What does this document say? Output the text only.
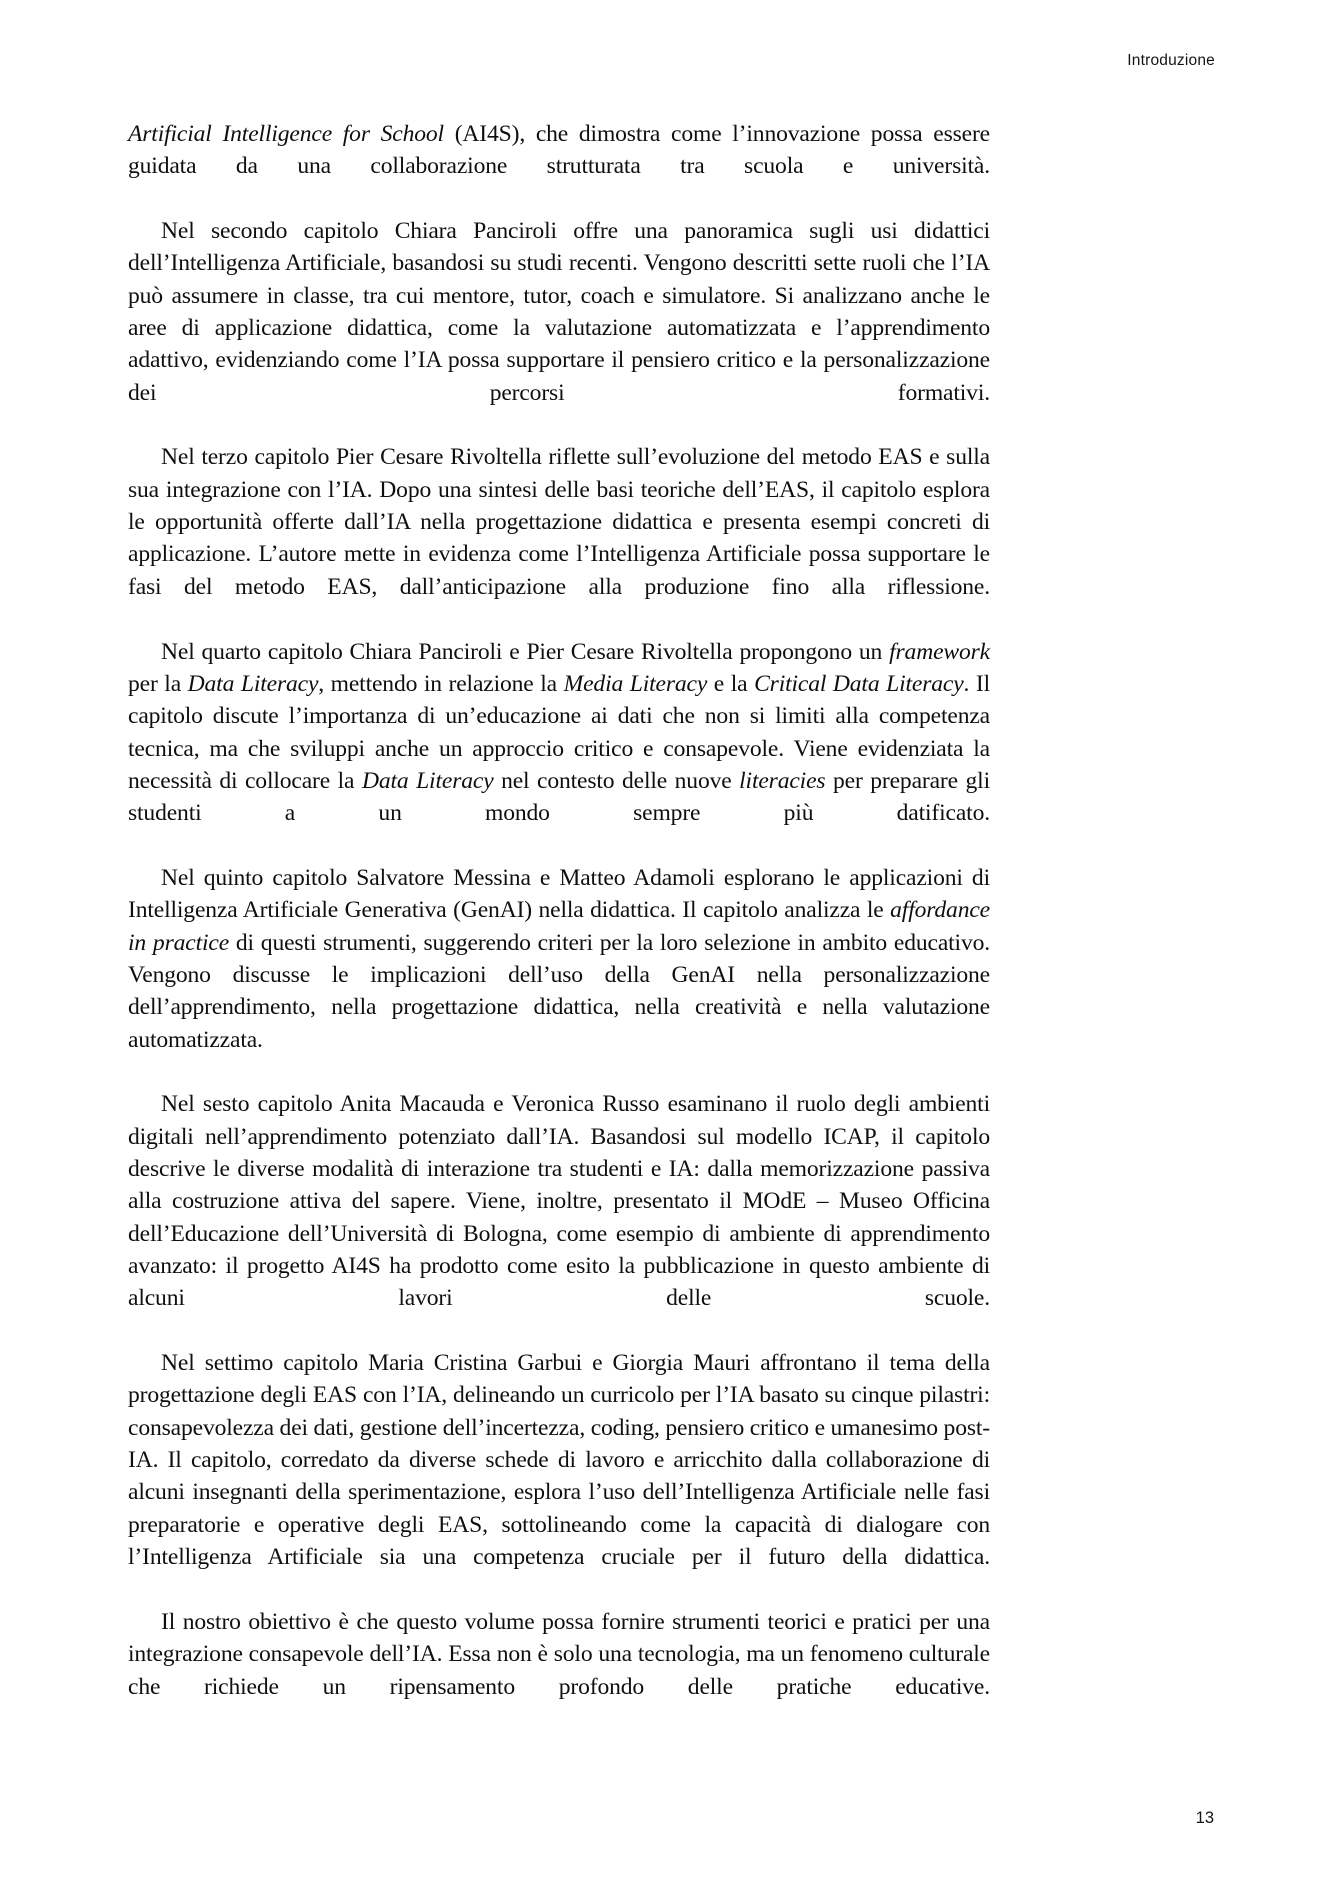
Introduzione

Artificial Intelligence for School (AI4S), che dimostra come l’innovazione possa essere guidata da una collaborazione strutturata tra scuola e università.

Nel secondo capitolo Chiara Panciroli offre una panoramica sugli usi didattici dell’Intelligenza Artificiale, basandosi su studi recenti. Vengono descritti sette ruoli che l’IA può assumere in classe, tra cui mentore, tutor, coach e simulatore. Si analizzano anche le aree di applicazione didattica, come la valutazione automatizzata e l’apprendimento adattivo, evidenziando come l’IA possa supportare il pensiero critico e la personalizzazione dei percorsi formativi.

Nel terzo capitolo Pier Cesare Rivoltella riflette sull’evoluzione del metodo EAS e sulla sua integrazione con l’IA. Dopo una sintesi delle basi teoriche dell’EAS, il capitolo esplora le opportunità offerte dall’IA nella progettazione didattica e presenta esempi concreti di applicazione. L’autore mette in evidenza come l’Intelligenza Artificiale possa supportare le fasi del metodo EAS, dall’anticipazione alla produzione fino alla riflessione.

Nel quarto capitolo Chiara Panciroli e Pier Cesare Rivoltella propongono un framework per la Data Literacy, mettendo in relazione la Media Literacy e la Critical Data Literacy. Il capitolo discute l’importanza di un’educazione ai dati che non si limiti alla competenza tecnica, ma che sviluppi anche un approccio critico e consapevole. Viene evidenziata la necessità di collocare la Data Literacy nel contesto delle nuove literacies per preparare gli studenti a un mondo sempre più datificato.

Nel quinto capitolo Salvatore Messina e Matteo Adamoli esplorano le applicazioni di Intelligenza Artificiale Generativa (GenAI) nella didattica. Il capitolo analizza le affordance in practice di questi strumenti, suggerendo criteri per la loro selezione in ambito educativo. Vengono discusse le implicazioni dell’uso della GenAI nella personalizzazione dell’apprendimento, nella progettazione didattica, nella creatività e nella valutazione automatizzata.

Nel sesto capitolo Anita Macauda e Veronica Russo esaminano il ruolo degli ambienti digitali nell’apprendimento potenziato dall’IA. Basandosi sul modello ICAP, il capitolo descrive le diverse modalità di interazione tra studenti e IA: dalla memorizzazione passiva alla costruzione attiva del sapere. Viene, inoltre, presentato il MOdE – Museo Officina dell’Educazione dell’Università di Bologna, come esempio di ambiente di apprendimento avanzato: il progetto AI4S ha prodotto come esito la pubblicazione in questo ambiente di alcuni lavori delle scuole.

Nel settimo capitolo Maria Cristina Garbui e Giorgia Mauri affrontano il tema della progettazione degli EAS con l’IA, delineando un curricolo per l’IA basato su cinque pilastri: consapevolezza dei dati, gestione dell’incertezza, coding, pensiero critico e umanesimo post-IA. Il capitolo, corredato da diverse schede di lavoro e arricchito dalla collaborazione di alcuni insegnanti della sperimentazione, esplora l’uso dell’Intelligenza Artificiale nelle fasi preparatorie e operative degli EAS, sottolineando come la capacità di dialogare con l’Intelligenza Artificiale sia una competenza cruciale per il futuro della didattica.

Il nostro obiettivo è che questo volume possa fornire strumenti teorici e pratici per una integrazione consapevole dell’IA. Essa non è solo una tecnologia, ma un fenomeno culturale che richiede un ripensamento profondo delle pratiche educative.

13
